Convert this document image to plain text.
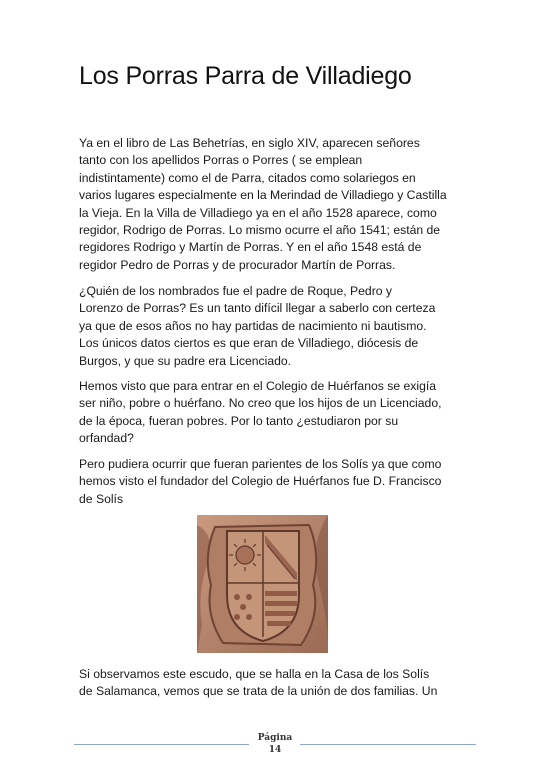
Los Porras Parra de Villadiego

Ya en el libro de Las Behetrías, en siglo XIV, aparecen señores
tanto con los apellidos Porras o Porres ( se emplean
indistintamente) como el de Parra, citados como solariegos en
varios lugares especialmente en la Merindad de Villadiego y Castilla
la Vieja. En la Villa de Villadiego ya en el año 1528 aparece, como
regidor, Rodrigo de Porras. Lo mismo ocurre el año 1541; están de
regidores Rodrigo y Martín de Porras. Y en el año 1548 está de
regidor Pedro de Porras y de procurador Martín de Porras.

¿Quién de los nombrados fue el padre de Roque, Pedro y
Lorenzo de Porras? Es un tanto difícil llegar a saberlo con certeza
ya que de esos años no hay partidas de nacimiento ni bautismo.
Los únicos datos ciertos es que eran de Villadiego, diócesis de
Burgos, y que su padre era Licenciado.

Hemos visto que para entrar en el Colegio de Huérfanos se exigía
ser niño, pobre o huérfano. No creo que los hijos de un Licenciado,
de la época, fueran pobres. Por lo tanto ¿estudiaron por su
orfandad?

Pero pudiera ocurrir que fueran parientes de los Solís ya que como
hemos visto el fundador del Colegio de Huérfanos fue D. Francisco
de Solís

Si observamos este escudo, que se halla en la Casa de los Solís
de Salamanca, vemos que se trata de la unión de dos familias. Un

Página
14
